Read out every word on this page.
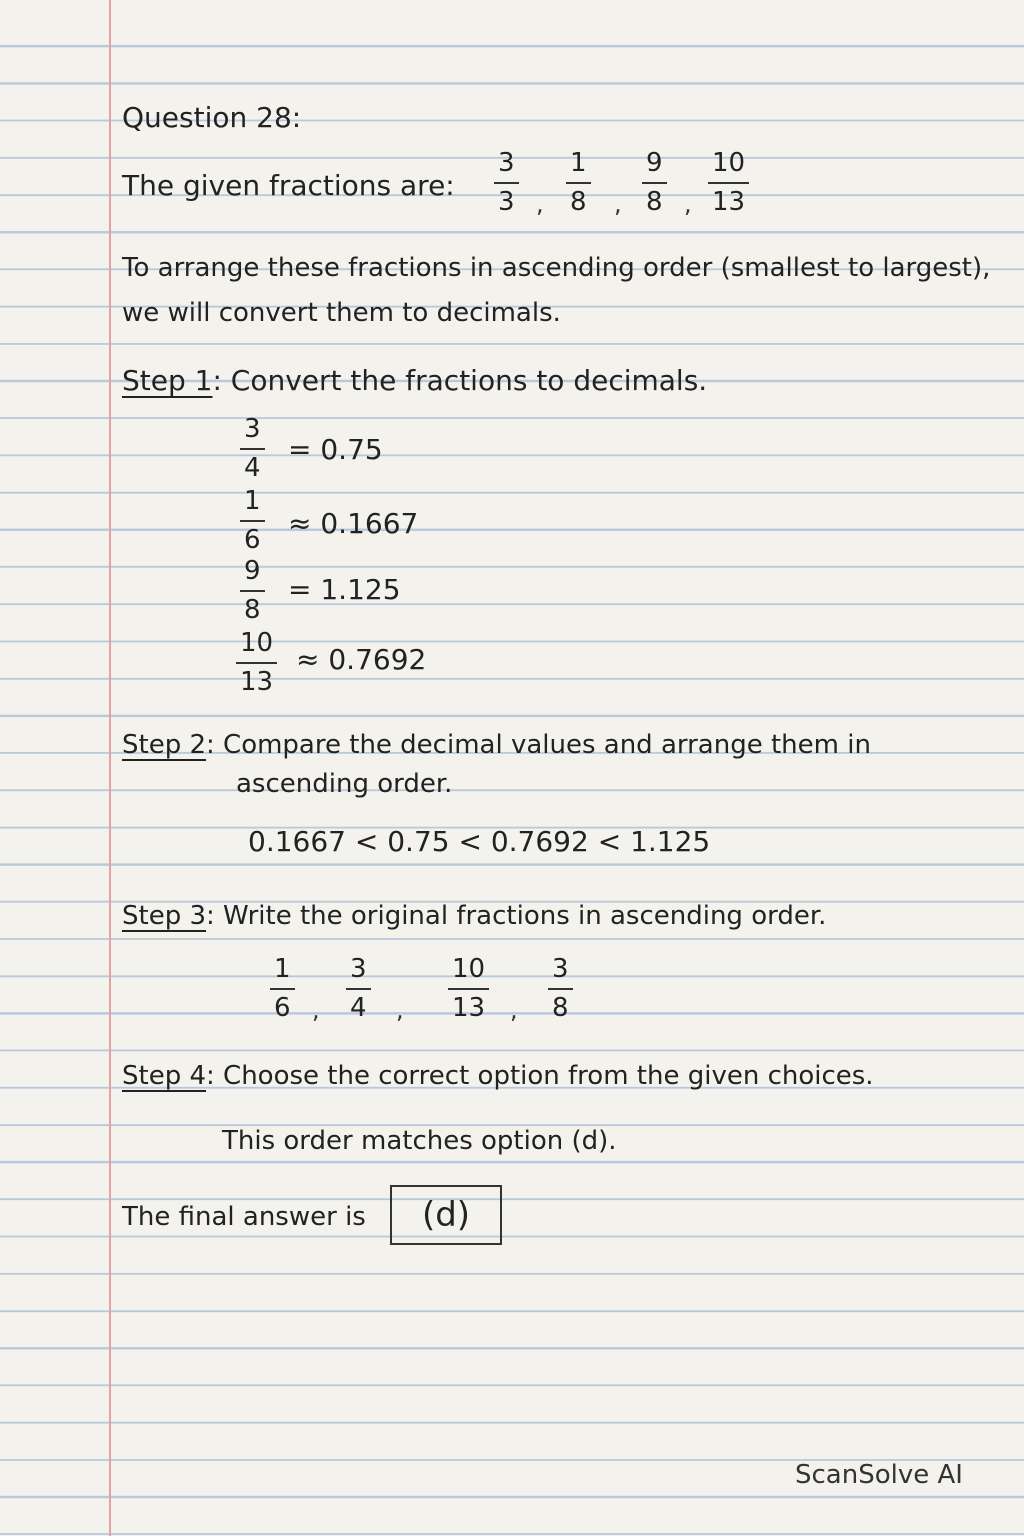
Question 28:
The given fractions are:
3
3 ,
1
8 ,
9
8 ,
10
13
To arrange these fractions in ascending order (smallest to largest),
we will convert them to decimals.
Step 1: Convert the fractions to decimals.
3
4
= 0.75
1
6 ≈ 0.1667
9
8
= 1.125
10
13
≈ 0.7692
Step 2: Compare the decimal values and arrange them in
ascending order.
0.1667 < 0.75 < 0.7692 < 1.125
Step 3: Write the original fractions in ascending order.
1
6 ,
3
4 ,
10
13 ,
3
8
Step 4: Choose the correct option from the given choices.
This order matches option (d).
The final answer is (d)
ScanSolve AI
